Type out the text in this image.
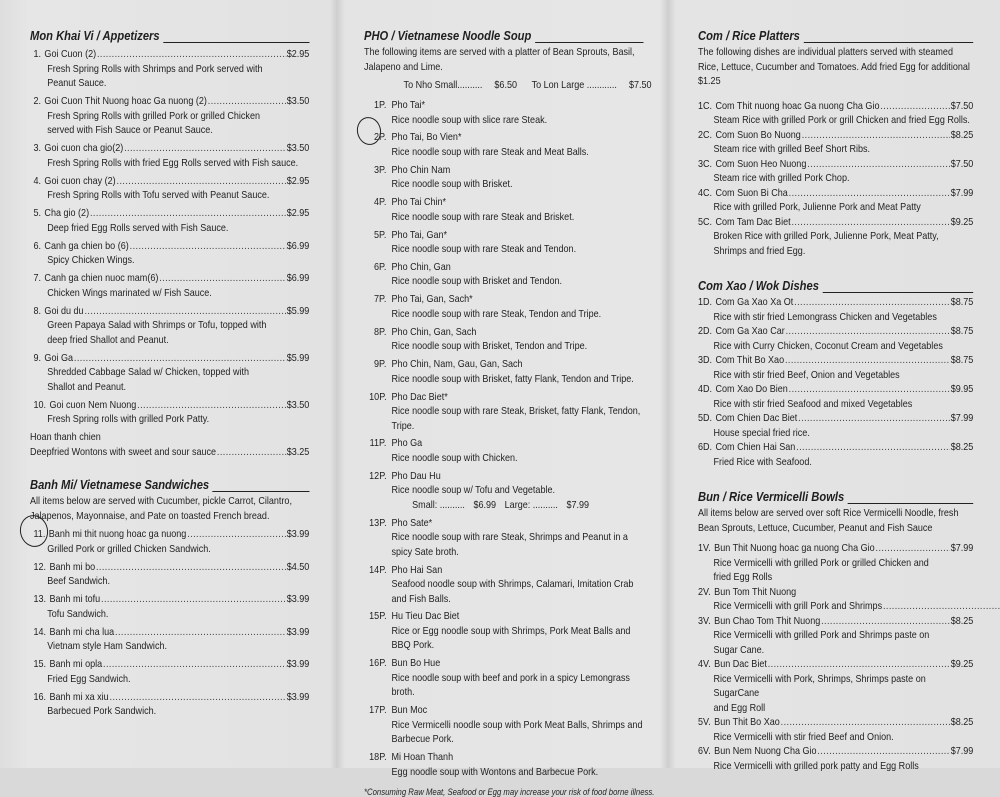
Mon Khai Vi / Appetizers
1. Goi Cuon (2) .....	$2.95
Fresh Spring Rolls with Shrimps and Pork served with
Peanut Sauce.
2. Goi Cuon Thit Nuong hoac Ga nuong (2) .....	$3.50
Fresh Spring Rolls with grilled Pork or grilled Chicken
served with Fish Sauce or Peanut Sauce.
3. Goi cuon cha gio(2) .....	$3.50
Fresh Spring Rolls with fried Egg Rolls served with Fish sauce.
4. Goi cuon chay (2) .....	$2.95
Fresh Spring Rolls with Tofu served with Peanut Sauce.
5. Cha gio (2) .....	$2.95
Deep fried Egg Rolls served with Fish Sauce.
6. Canh ga chien bo (6) .....	$6.99
Spicy Chicken Wings.
7. Canh ga chien nuoc mam(6) .....	$6.99
Chicken Wings marinated w/ Fish Sauce.
8. Goi du du .....	$5.99
Green Papaya Salad with Shrimps or Tofu, topped with
deep fried Shallot and Peanut.
9. Goi Ga .....	$5.99
Shredded Cabbage Salad w/ Chicken, topped with
Shallot and Peanut.
10. Goi cuon Nem Nuong .....	$3.50
Fresh Spring rolls with grilled Pork Patty.
Hoan thanh chien
Deepfried Wontons with sweet and sour sauce .....	$3.25
Banh Mi/ Vietnamese Sandwiches
All items below are served with Cucumber, pickle Carrot, Cilantro, Jalapenos, Mayonnaise, and Pate on toasted French bread.
11. Banh mi thit nuong hoac ga nuong .....	$3.99
Grilled Pork or grilled Chicken Sandwich.
12. Banh mi bo .....	$4.50
Beef Sandwich.
13. Banh mi tofu .....	$3.99
Tofu Sandwich.
14. Banh mi cha lua .....	$3.99
Vietnam style Ham Sandwich.
15. Banh mi opla .....	$3.99
Fried Egg Sandwich.
16. Banh mi xa xiu .....	$3.99
Barbecued Pork Sandwich.
PHO / Vietnamese Noodle Soup
The following items are served with a platter of Bean Sprouts, Basil, Jalapeno and Lime.
To Nho Small.......... $6.50 To Lon Large ............ $7.50
1P. Pho Tai*
Rice noodle soup with slice rare Steak.
2P. Pho Tai, Bo Vien*
Rice noodle soup with rare Steak and Meat Balls.
3P. Pho Chin Nam
Rice noodle soup with Brisket.
4P. Pho Tai Chin*
Rice noodle soup with rare Steak and Brisket.
5P. Pho Tai, Gan*
Rice noodle soup with rare Steak and Tendon.
6P. Pho Chin, Gan
Rice noodle soup with Brisket and Tendon.
7P. Pho Tai, Gan, Sach*
Rice noodle soup with rare Steak, Tendon and Tripe.
8P. Pho Chin, Gan, Sach
Rice noodle soup with Brisket, Tendon and Tripe.
9P. Pho Chin, Nam, Gau, Gan, Sach
Rice noodle soup with Brisket, fatty Flank, Tendon and Tripe.
10P. Pho Dac Biet*
Rice noodle soup with rare Steak, Brisket, fatty Flank, Tendon, Tripe.
11P. Pho Ga
Rice noodle soup with Chicken.
12P. Pho Dau Hu
Rice noodle soup w/ Tofu and Vegetable.
Small: .......... $6.99 Large: .......... $7.99
13P. Pho Sate*
Rice noodle soup with rare Steak, Shrimps and Peanut in a
spicy Sate broth.
14P. Pho Hai San
Seafood noodle soup with Shrimps, Calamari, Imitation Crab
and Fish Balls.
15P. Hu Tieu Dac Biet
Rice or Egg noodle soup with Shrimps, Pork Meat Balls and BBQ Pork.
16P. Bun Bo Hue
Rice noodle soup with beef and pork in a spicy Lemongrass broth.
17P. Bun Moc
Rice Vermicelli noodle soup with Pork Meat Balls, Shrimps and
Barbecue Pork.
18P. Mi Hoan Thanh
Egg noodle soup with Wontons and Barbecue Pork.
*Consuming Raw Meat, Seafood or Egg may increase your risk of food borne illness.
Com / Rice Platters
The following dishes are individual platters served with steamed Rice, Lettuce, Cucumber and Tomatoes. Add fried Egg for additional $1.25
1C. Com Thit nuong hoac Ga nuong Cha Gio .....	$7.50
Steam Rice with grilled Pork or grill Chicken and fried Egg Rolls.
2C. Com Suon Bo Nuong .....	$8.25
Steam rice with grilled Beef Short Ribs.
3C. Com Suon Heo Nuong .....	$7.50
Steam rice with grilled Pork Chop.
4C. Com Suon Bi Cha .....	$7.99
Rice with grilled Pork, Julienne Pork and Meat Patty
5C. Com Tam Dac Biet .....	$9.25
Broken Rice with grilled Pork, Julienne Pork, Meat Patty,
Shrimps and fried Egg.
Com Xao / Wok Dishes
1D. Com Ga Xao Xa Ot .....	$8.75
Rice with stir fried Lemongrass Chicken and Vegetables
2D. Com Ga Xao Car .....	$8.75
Rice with Curry Chicken, Coconut Cream and Vegetables
3D. Com Thit Bo Xao .....	$8.75
Rice with stir fried Beef, Onion and Vegetables
4D. Com Xao Do Bien .....	$9.95
Rice with stir fried Seafood and mixed Vegetables
5D. Com Chien Dac Biet .....	$7.99
House special fried rice.
6D. Com Chien Hai San .....	$8.25
Fried Rice with Seafood.
Bun / Rice Vermicelli Bowls
All items below are served over soft Rice Vermicelli Noodle, fresh Bean Sprouts, Lettuce, Cucumber, Peanut and Fish Sauce
1V. Bun Thit Nuong hoac ga nuong Cha Gio .....	$7.99
Rice Vermicelli with grilled Pork or grilled Chicken and
fried Egg Rolls
2V. Bun Tom Thit Nuong
Rice Vermicelli with grill Pork and Shrimps .....
3V. Bun Chao Tom Thit Nuong .....	$8.25
Rice Vermicelli with grilled Pork and Shrimps paste on
Sugar Cane.
4V. Bun Dac Biet .....	$9.25
Rice Vermicelli with Pork, Shrimps, Shrimps paste on SugarCane
and Egg Roll
5V. Bun Thit Bo Xao .....	$8.25
Rice Vermicelli with stir fried Beef and Onion.
6V. Bun Nem Nuong Cha Gio .....	$7.99
Rice Vermicelli with grilled pork patty and Egg Rolls
